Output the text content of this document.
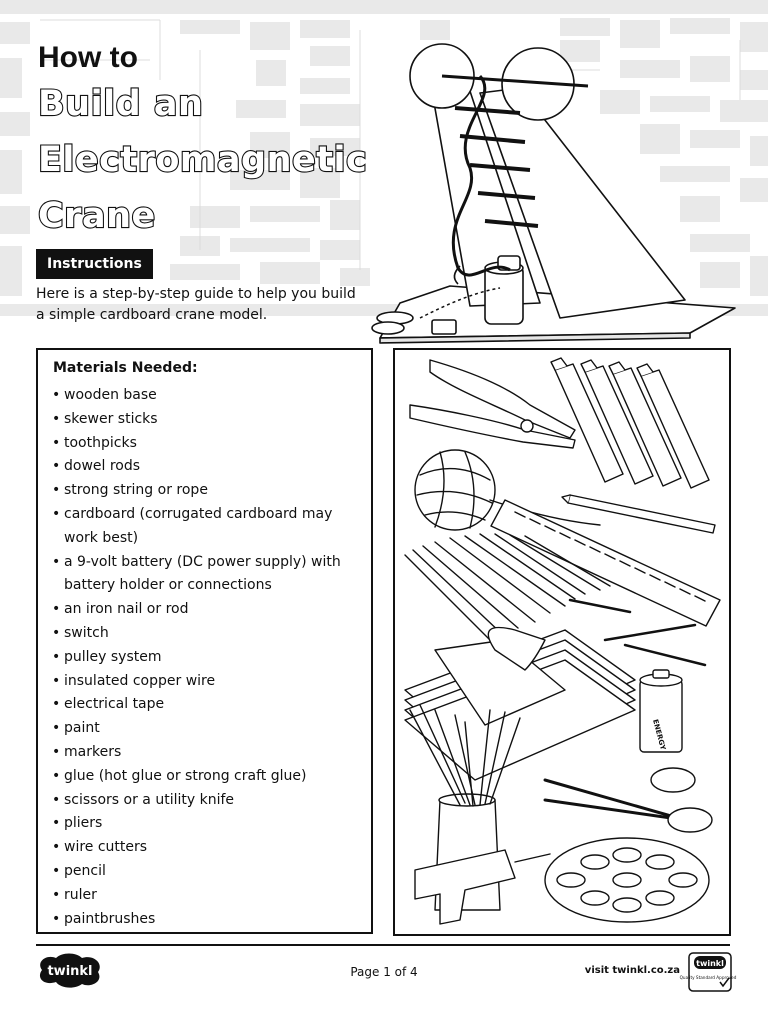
How to
Build an
Electromagnetic
Crane
Instructions
Here is a step-by-step guide to help you build a simple cardboard crane model.
Materials Needed:
• wooden base
• skewer sticks
• toothpicks
• dowel rods
• strong string or rope
• cardboard (corrugated cardboard may work best)
• a 9-volt battery (DC power supply) with battery holder or connections
• an iron nail or rod
• switch
• pulley system
• insulated copper wire
• electrical tape
• paint
• markers
• glue (hot glue or strong craft glue)
• scissors or a utility knife
• pliers
• wire cutters
• pencil
• ruler
• paintbrushes
ENERGY
twinkl	Page 1 of 4	visit twinkl.co.za
twinkl
Quality Standard Approved
